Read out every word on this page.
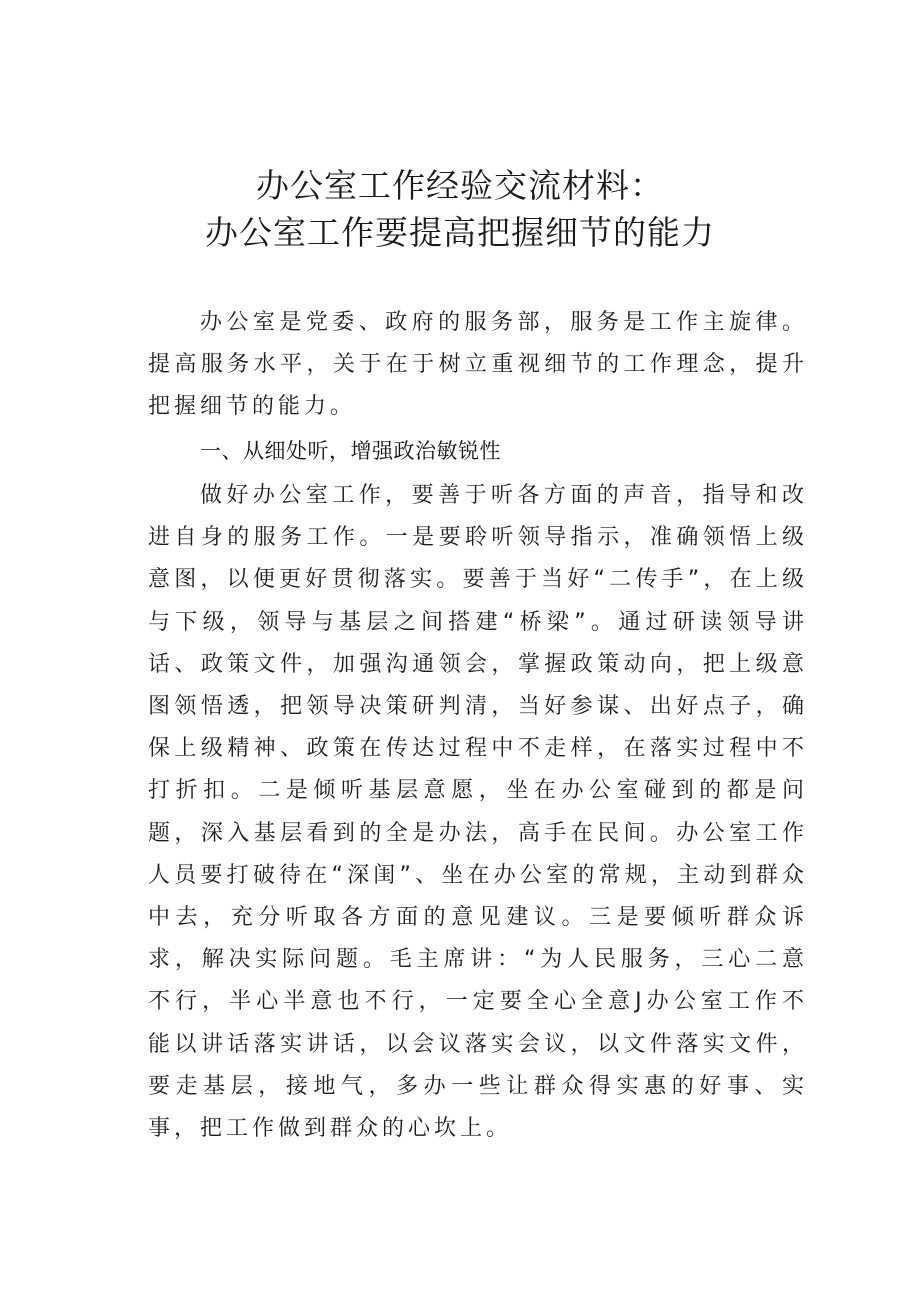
办公室工作经验交流材料：
办公室工作要提高把握细节的能力
办公室是党委、政府的服务部，服务是工作主旋律。提高服务水平，关于在于树立重视细节的工作理念，提升把握细节的能力。
一、从细处听，增强政治敏锐性
做好办公室工作，要善于听各方面的声音，指导和改进自身的服务工作。一是要聆听领导指示，准确领悟上级意图，以便更好贯彻落实。要善于当好“二传手”，在上级与下级，领导与基层之间搭建“桥梁”。通过研读领导讲话、政策文件，加强沟通领会，掌握政策动向，把上级意图领悟透，把领导决策研判清，当好参谋、出好点子，确保上级精神、政策在传达过程中不走样，在落实过程中不打折扣。二是倾听基层意愿，坐在办公室碰到的都是问题，深入基层看到的全是办法，高手在民间。办公室工作人员要打破待在“深闺”、坐在办公室的常规，主动到群众中去，充分听取各方面的意见建议。三是要倾听群众诉求，解决实际问题。毛主席讲：“为人民服务，三心二意不行，半心半意也不行，一定要全心全意J办公室工作不能以讲话落实讲话，以会议落实会议，以文件落实文件，要走基层，接地气，多办一些让群众得实惠的好事、实事，把工作做到群众的心坎上。
